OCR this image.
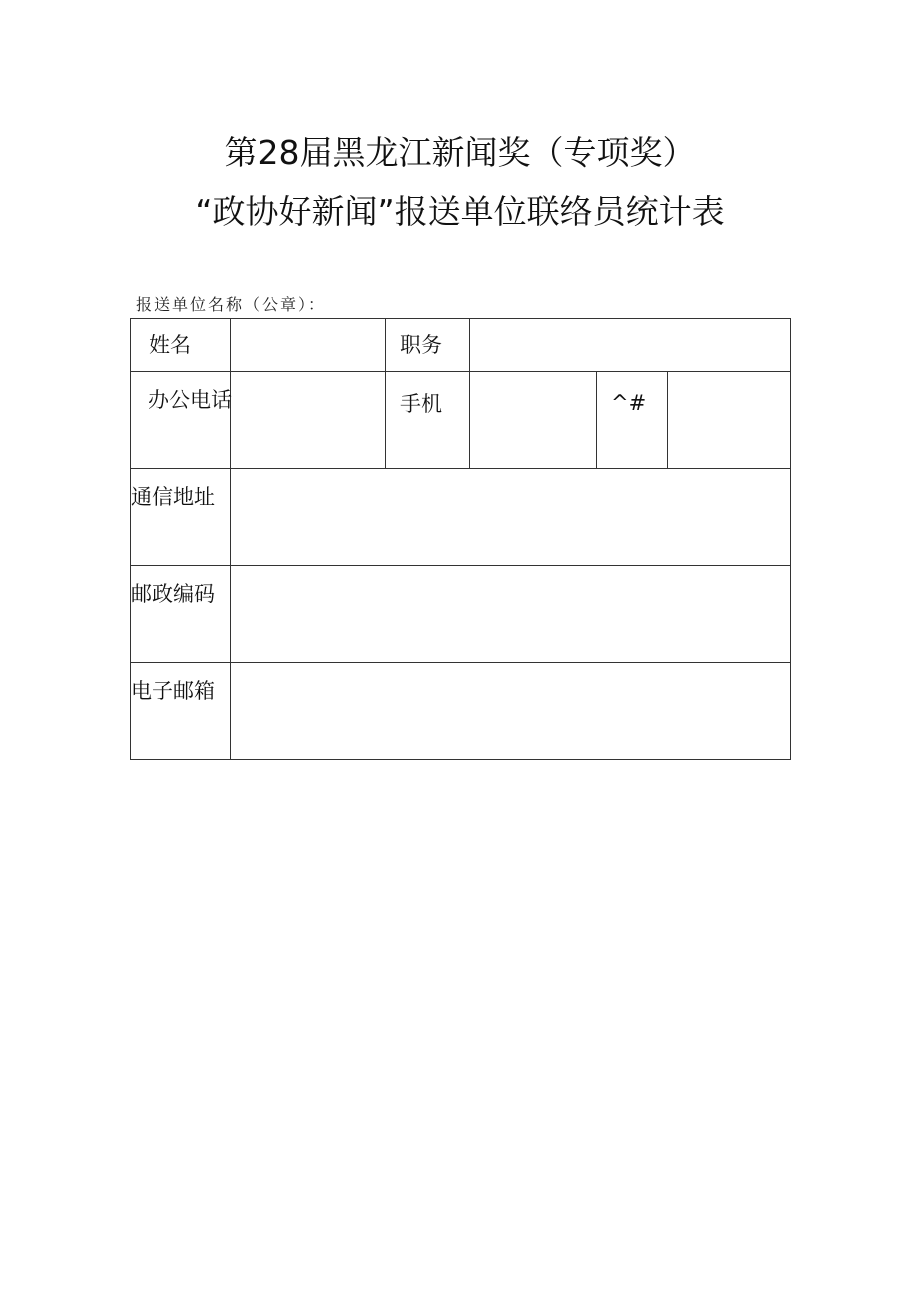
第28届黑龙江新闻奖（专项奖）
“政协好新闻”报送单位联络员统计表
报送单位名称（公章）：
姓名		职务			

办公电话		手机		^#	

通信地址					

邮政编码					

电子邮箱					
